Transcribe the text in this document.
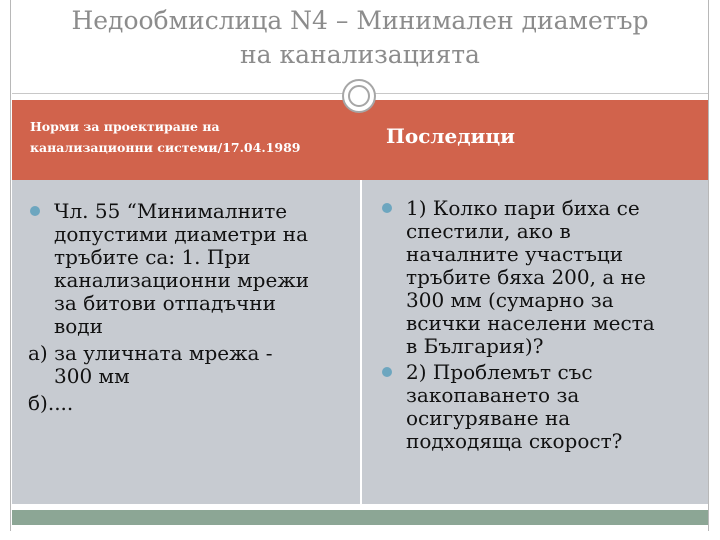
Недообмислица N4 – Минимален диаметър
на канализацията
Норми за проектиране на
канализационни системи/17.04.1989	Последици
Чл. 55 “Минималните
допустими диаметри на
тръбите са: 1. При
канализационни мрежи
за битови отпадъчни
води
а) за уличната мрежа -
300 мм
б)....
1) Колко пари биха се
спестили, ако в
началните участъци
тръбите бяха 200, а не
300 мм (сумарно за
всички населени места
в България)?
2) Проблемът със
закопаването за
осигуряване на
подходяща скорост?
